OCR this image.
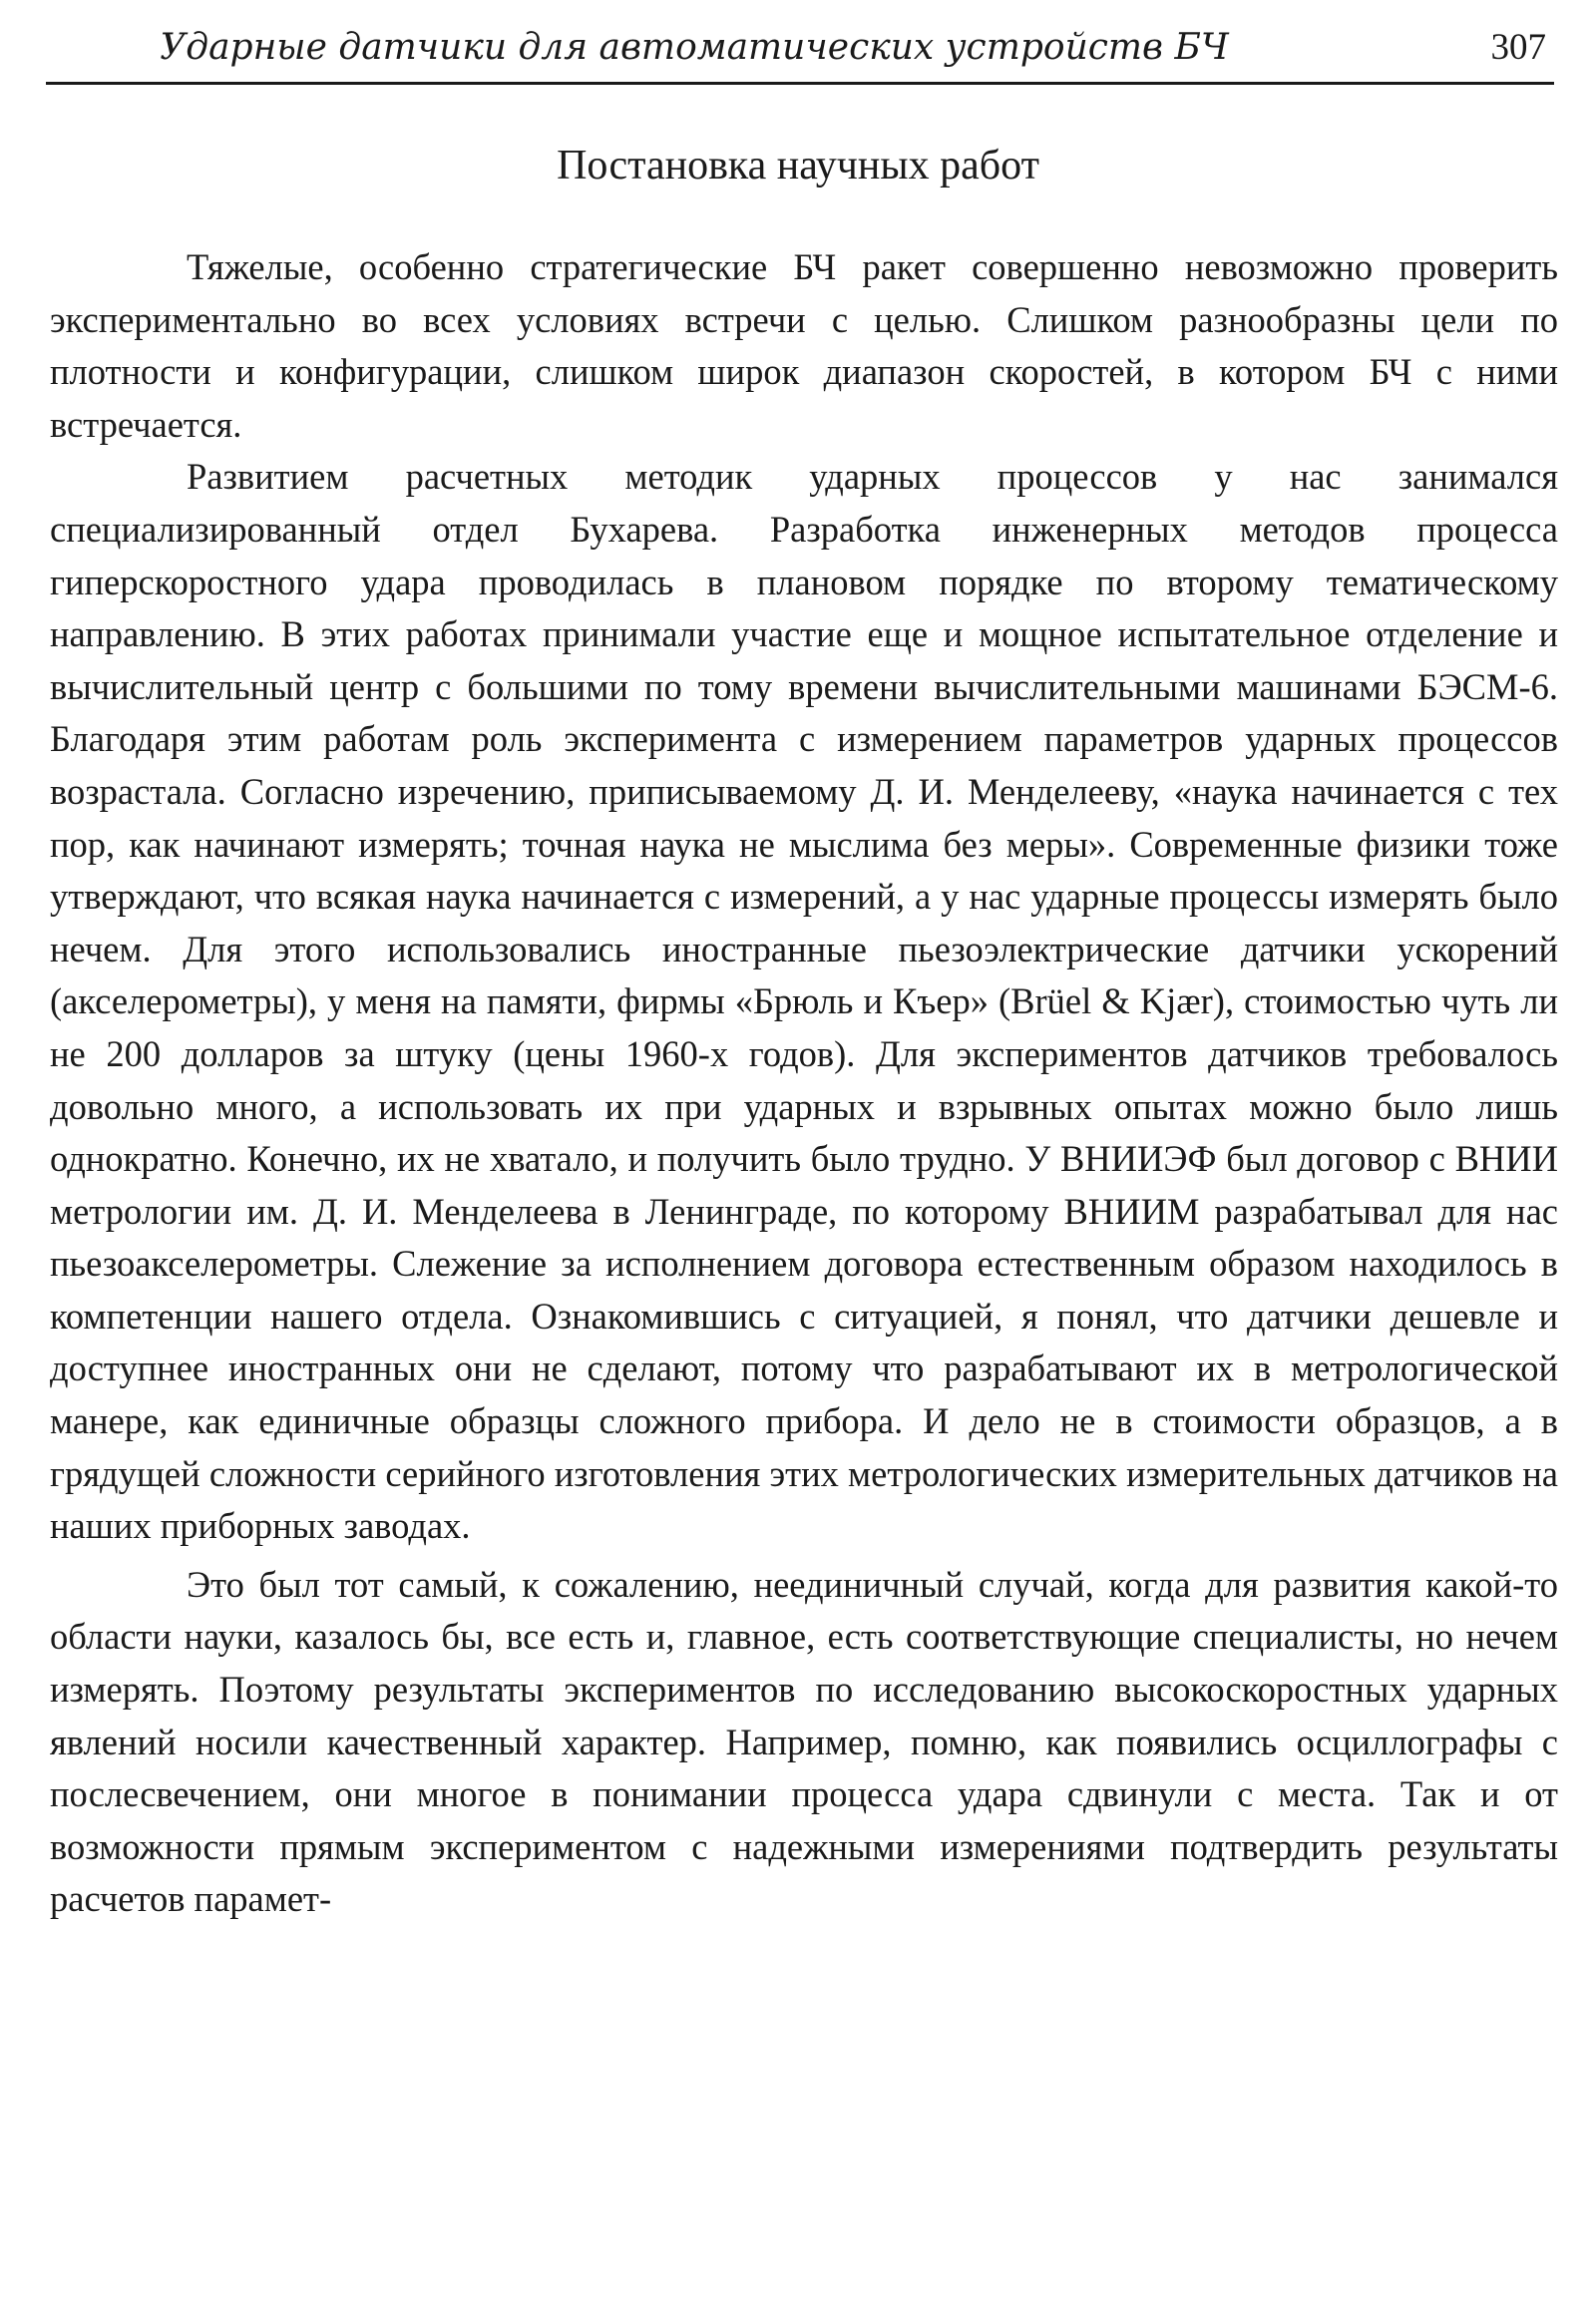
Ударные датчики для автоматических устройств БЧ	307
Постановка научных работ

Тяжелые, особенно стратегические БЧ ракет совершенно невозможно проверить экспериментально во всех условиях встречи с целью. Слишком разнообразны цели по плотности и конфигурации, слишком широк диапазон скоростей, в котором БЧ с ними встречается.

Развитием расчетных методик ударных процессов у нас занимался специализированный отдел Бухарева. Разработка инженерных методов процесса гиперскоростного удара проводилась в плановом порядке по второму тематическому направлению. В этих работах принимали участие еще и мощное испытательное отделение и вычислительный центр с большими по тому времени вычислительными машинами БЭСМ-6. Благодаря этим работам роль эксперимента с измерением параметров ударных процессов возрастала. Согласно изречению, приписываемому Д. И. Менделееву, «наука начинается с тех пор, как начинают измерять; точная наука не мыслима без меры». Современные физики тоже утверждают, что всякая наука начинается с измерений, а у нас ударные процессы измерять было нечем. Для этого использовались иностранные пьезоэлектрические датчики ускорений (акселерометры), у меня на памяти, фирмы «Брюль и Къер» (Brüel & Kjær), стоимостью чуть ли не 200 долларов за штуку (цены 1960-х годов). Для экспериментов датчиков требовалось довольно много, а использовать их при ударных и взрывных опытах можно было лишь однократно. Конечно, их не хватало, и получить было трудно. У ВНИИЭФ был договор с ВНИИ метрологии им. Д. И. Менделеева в Ленинграде, по которому ВНИИМ разрабатывал для нас пьезоакселерометры. Слежение за исполнением договора естественным образом находилось в компетенции нашего отдела. Ознакомившись с ситуацией, я понял, что датчики дешевле и доступнее иностранных они не сделают, потому что разрабатывают их в метрологической манере, как единичные образцы сложного прибора. И дело не в стоимости образцов, а в грядущей сложности серийного изготовления этих метрологических измерительных датчиков на наших приборных заводах.

Это был тот самый, к сожалению, неединичный случай, когда для развития какой-то области науки, казалось бы, все есть и, главное, есть соответствующие специалисты, но нечем измерять. Поэтому результаты экспериментов по исследованию высокоскоростных ударных явлений носили качественный характер. Например, помню, как появились осциллографы с послесвечением, они многое в понимании процесса удара сдвинули с места. Так и от возможности прямым экспериментом с надежными измерениями подтвердить результаты расчетов парамет-
